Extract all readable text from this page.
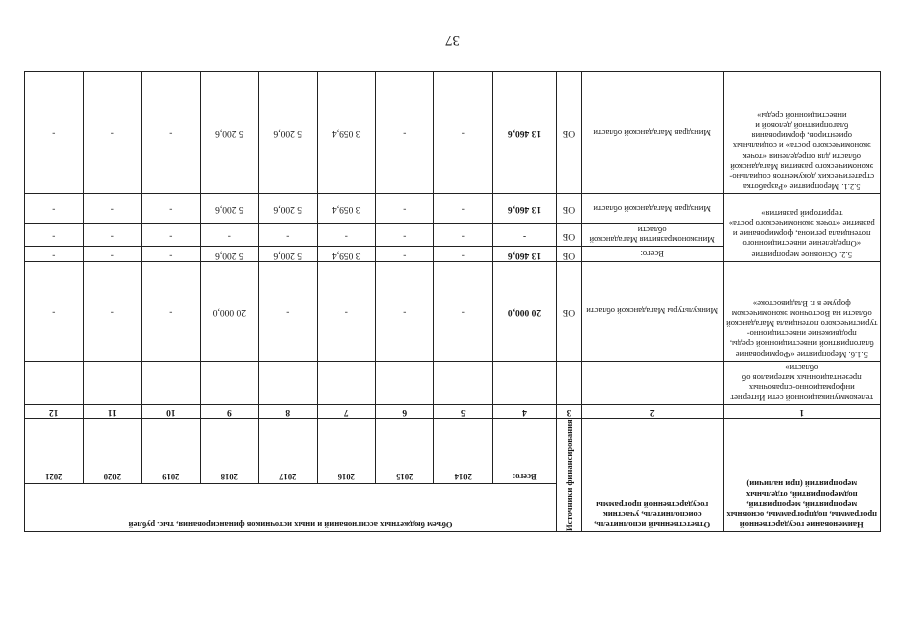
37
Наименование государственной программы, подпрограммы, основных мероприятий, мероприятий, подмероприятий, отдельных мероприятий (при наличии)	Ответственный исполнитель, соисполнитель, участник государственной программы	Источники финансирования	Объем бюджетных ассигнований и иных источников финансирования, тыс. рублей								
			Всего:	2014	2015	2016	2017	2018	2019	2020	2021
1	2	3	4	5	6	7	8	9	10	11	12
телекоммуникационной сети Интернет информационно-справочных презентационных материалов об области»											
5.1.6. Мероприятие «Формирование благоприятной инвестиционной среды, продвижение инвестиционно-туристического потенциала Магаданской области на Восточном экономическом форуме в г. Владивостоке»	Минкультуры Магаданской области	ОБ	20 000,0	-	-	-	-	20 000,0	-	-	-
5.2. Основное мероприятие «Определение инвестиционного потенциала региона, формирование и развитие «точек экономического роста» территорий развития»	Всего:	ОБ	13 460,6	-	-	3 059,4	5 200,6	5 200,6	-	-	-
	Минэкономразвития Магаданской области	ОБ	-	-	-	-	-	-	-	-	-
	Минздрав Магаданской области	ОБ	13 460,6	-	-	3 059,4	5 200,6	5 200,6	-	-	-
5.2.1. Мероприятие «Разработка стратегических документов социально-экономического развития Магаданской области для определения «точек экономического роста» и социальных ориентиров, формирования благоприятной деловой и инвестиционной среды»	Минздрав Магаданской области	ОБ	13 460,6	-	-	3 059,4	5 200,6	5 200,6	-	-	-
